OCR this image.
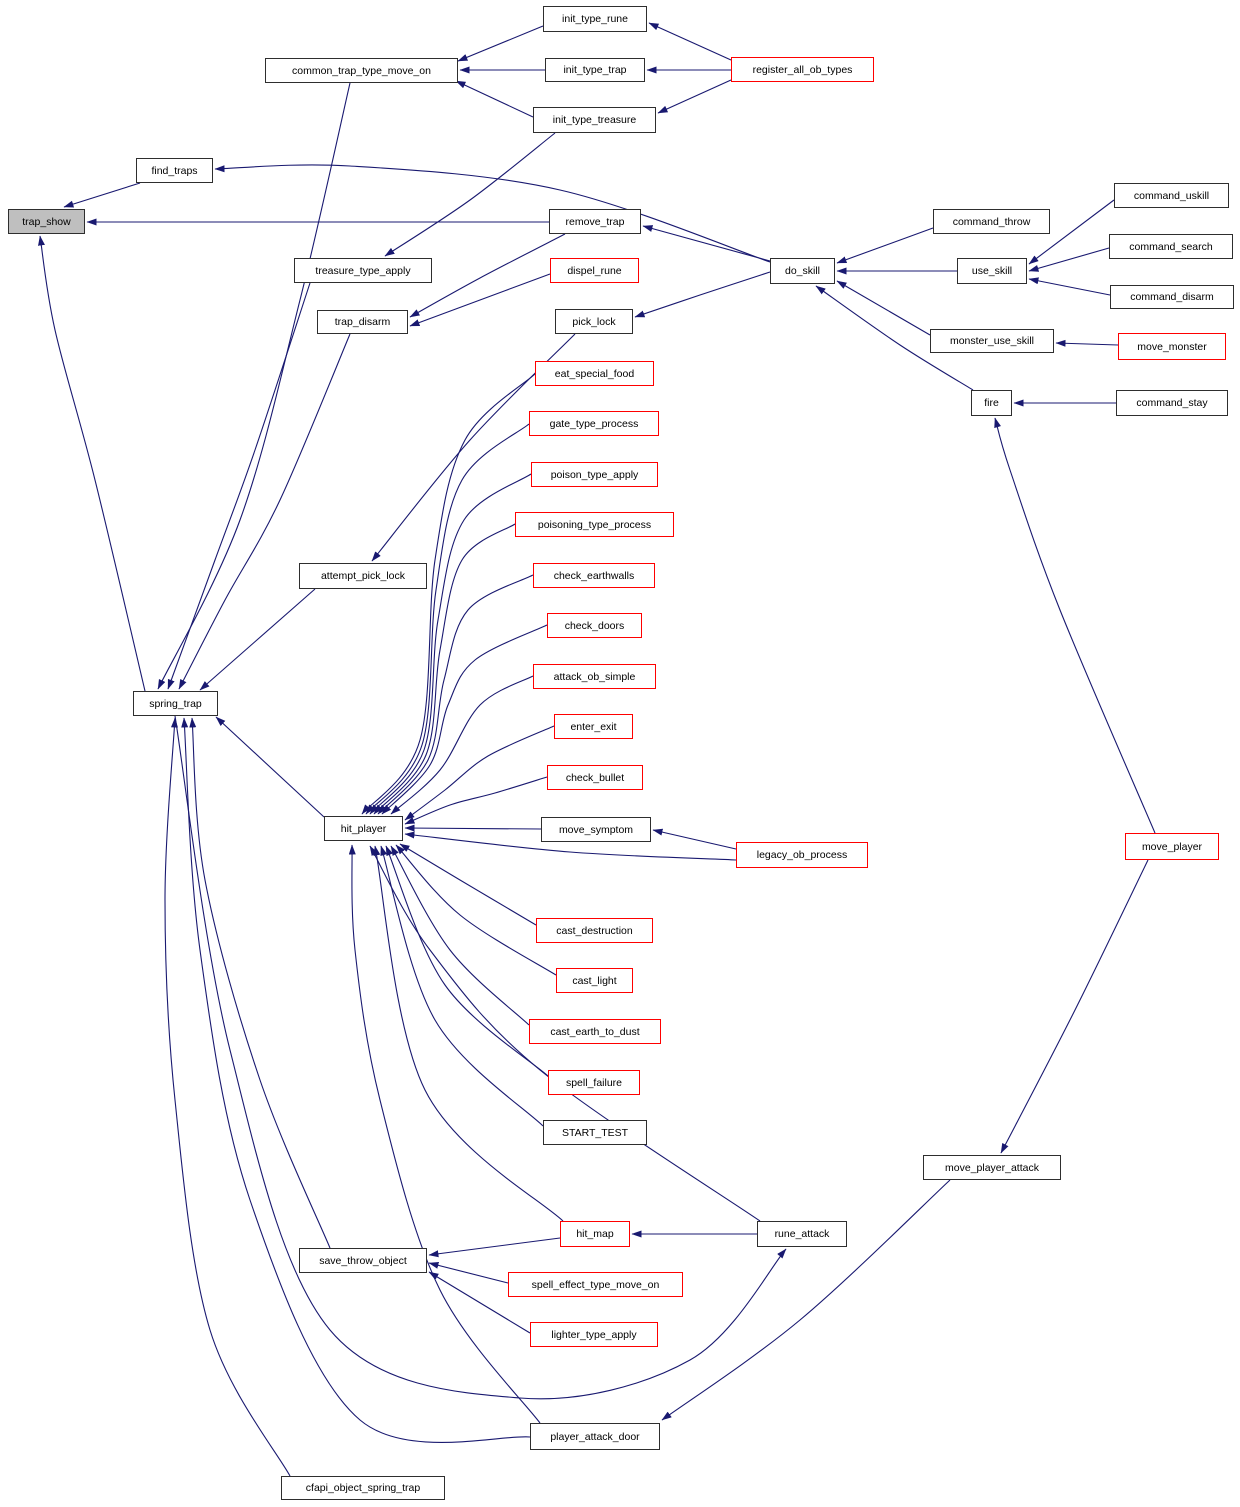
init_type_rune
common_trap_type_move_on	init_type_trap	register_all_ob_types
init_type_treasure
find_traps
command_uskill
trap_show	remove_trap	command_throw
command_search
treasure_type_apply	dispel_rune	do_skill	use_skill
command_disarm
trap_disarm	pick_lock
monster_use_skill	move_monster
eat_special_food
fire	command_stay
gate_type_process
poison_type_apply
poisoning_type_process
attempt_pick_lock	check_earthwalls
check_doors
attack_ob_simple
spring_trap
enter_exit
check_bullet
hit_player	move_symptom
move_player
legacy_ob_process
cast_destruction
cast_light
cast_earth_to_dust
spell_failure
START_TEST
move_player_attack
hit_map	rune_attack
save_throw_object
spell_effect_type_move_on
lighter_type_apply
player_attack_door
cfapi_object_spring_trap
